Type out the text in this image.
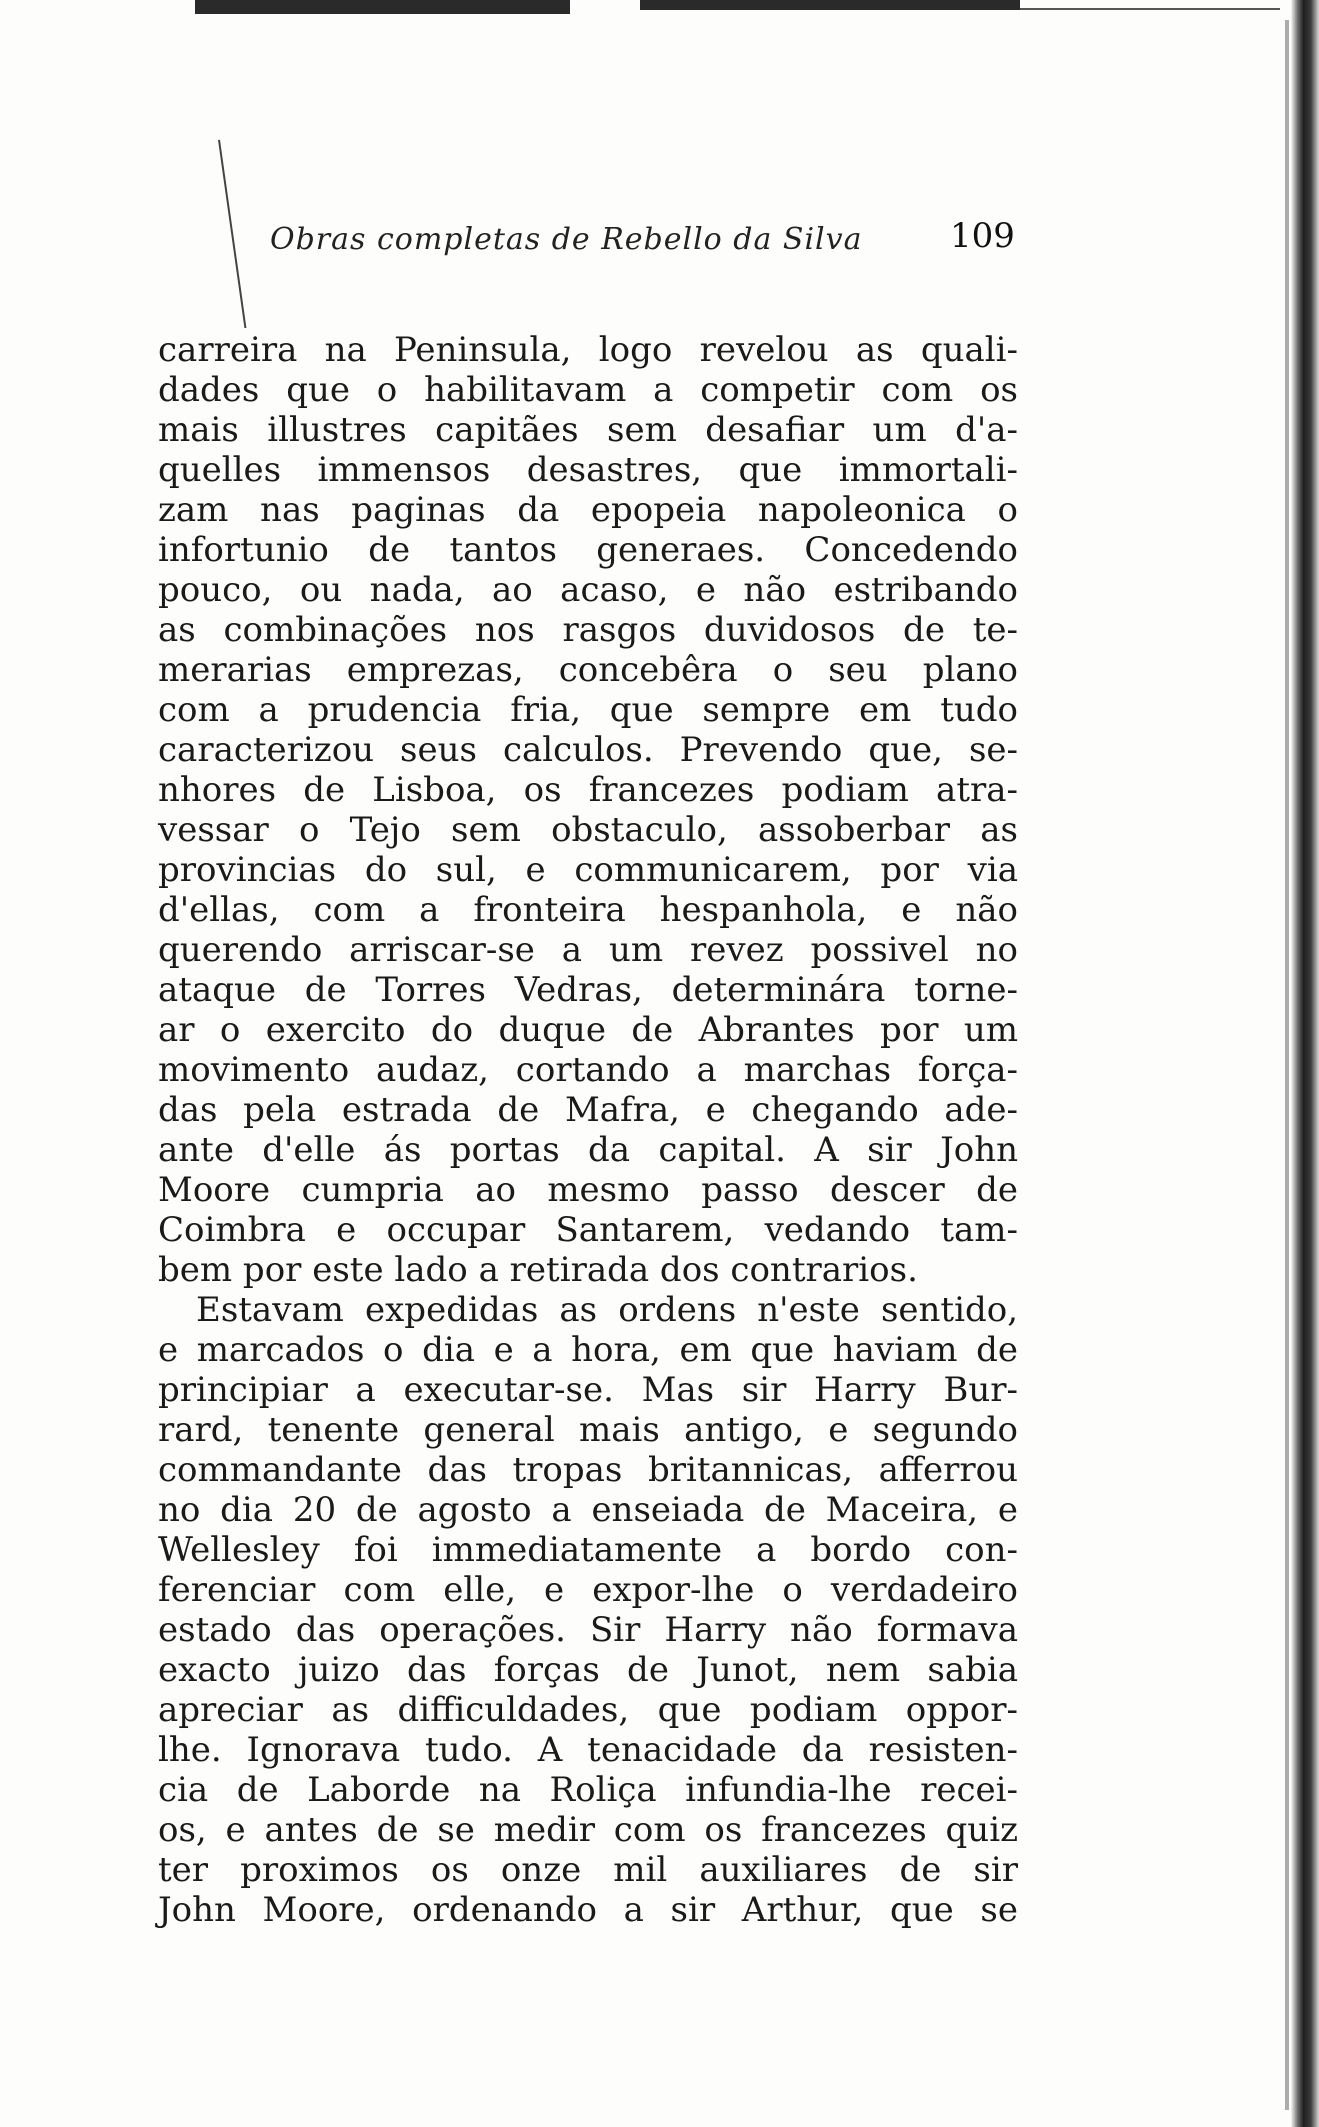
Obras completas de Rebello da Silva	109
carreira na Peninsula, logo revelou as quali-
dades que o habilitavam a competir com os
mais illustres capitães sem desafiar um d'a-
quelles immensos desastres, que immortali-
zam nas paginas da epopeia napoleonica o
infortunio de tantos generaes. Concedendo
pouco, ou nada, ao acaso, e não estribando
as combinações nos rasgos duvidosos de te-
merarias emprezas, concebêra o seu plano
com a prudencia fria, que sempre em tudo
caracterizou seus calculos. Prevendo que, se-
nhores de Lisboa, os francezes podiam atra-
vessar o Tejo sem obstaculo, assoberbar as
provincias do sul, e communicarem, por via
d'ellas, com a fronteira hespanhola, e não
querendo arriscar-se a um revez possivel no
ataque de Torres Vedras, determinára torne-
ar o exercito do duque de Abrantes por um
movimento audaz, cortando a marchas força-
das pela estrada de Mafra, e chegando ade-
ante d'elle ás portas da capital. A sir John
Moore cumpria ao mesmo passo descer de
Coimbra e occupar Santarem, vedando tam-
bem por este lado a retirada dos contrarios.
Estavam expedidas as ordens n'este sentido,
e marcados o dia e a hora, em que haviam de
principiar a executar-se. Mas sir Harry Bur-
rard, tenente general mais antigo, e segundo
commandante das tropas britannicas, afferrou
no dia 20 de agosto a enseiada de Maceira, e
Wellesley foi immediatamente a bordo con-
ferenciar com elle, e expor-lhe o verdadeiro
estado das operações. Sir Harry não formava
exacto juizo das forças de Junot, nem sabia
apreciar as difficuldades, que podiam oppor-
lhe. Ignorava tudo. A tenacidade da resisten-
cia de Laborde na Roliça infundia-lhe recei-
os, e antes de se medir com os francezes quiz
ter proximos os onze mil auxiliares de sir
John Moore, ordenando a sir Arthur, que se
